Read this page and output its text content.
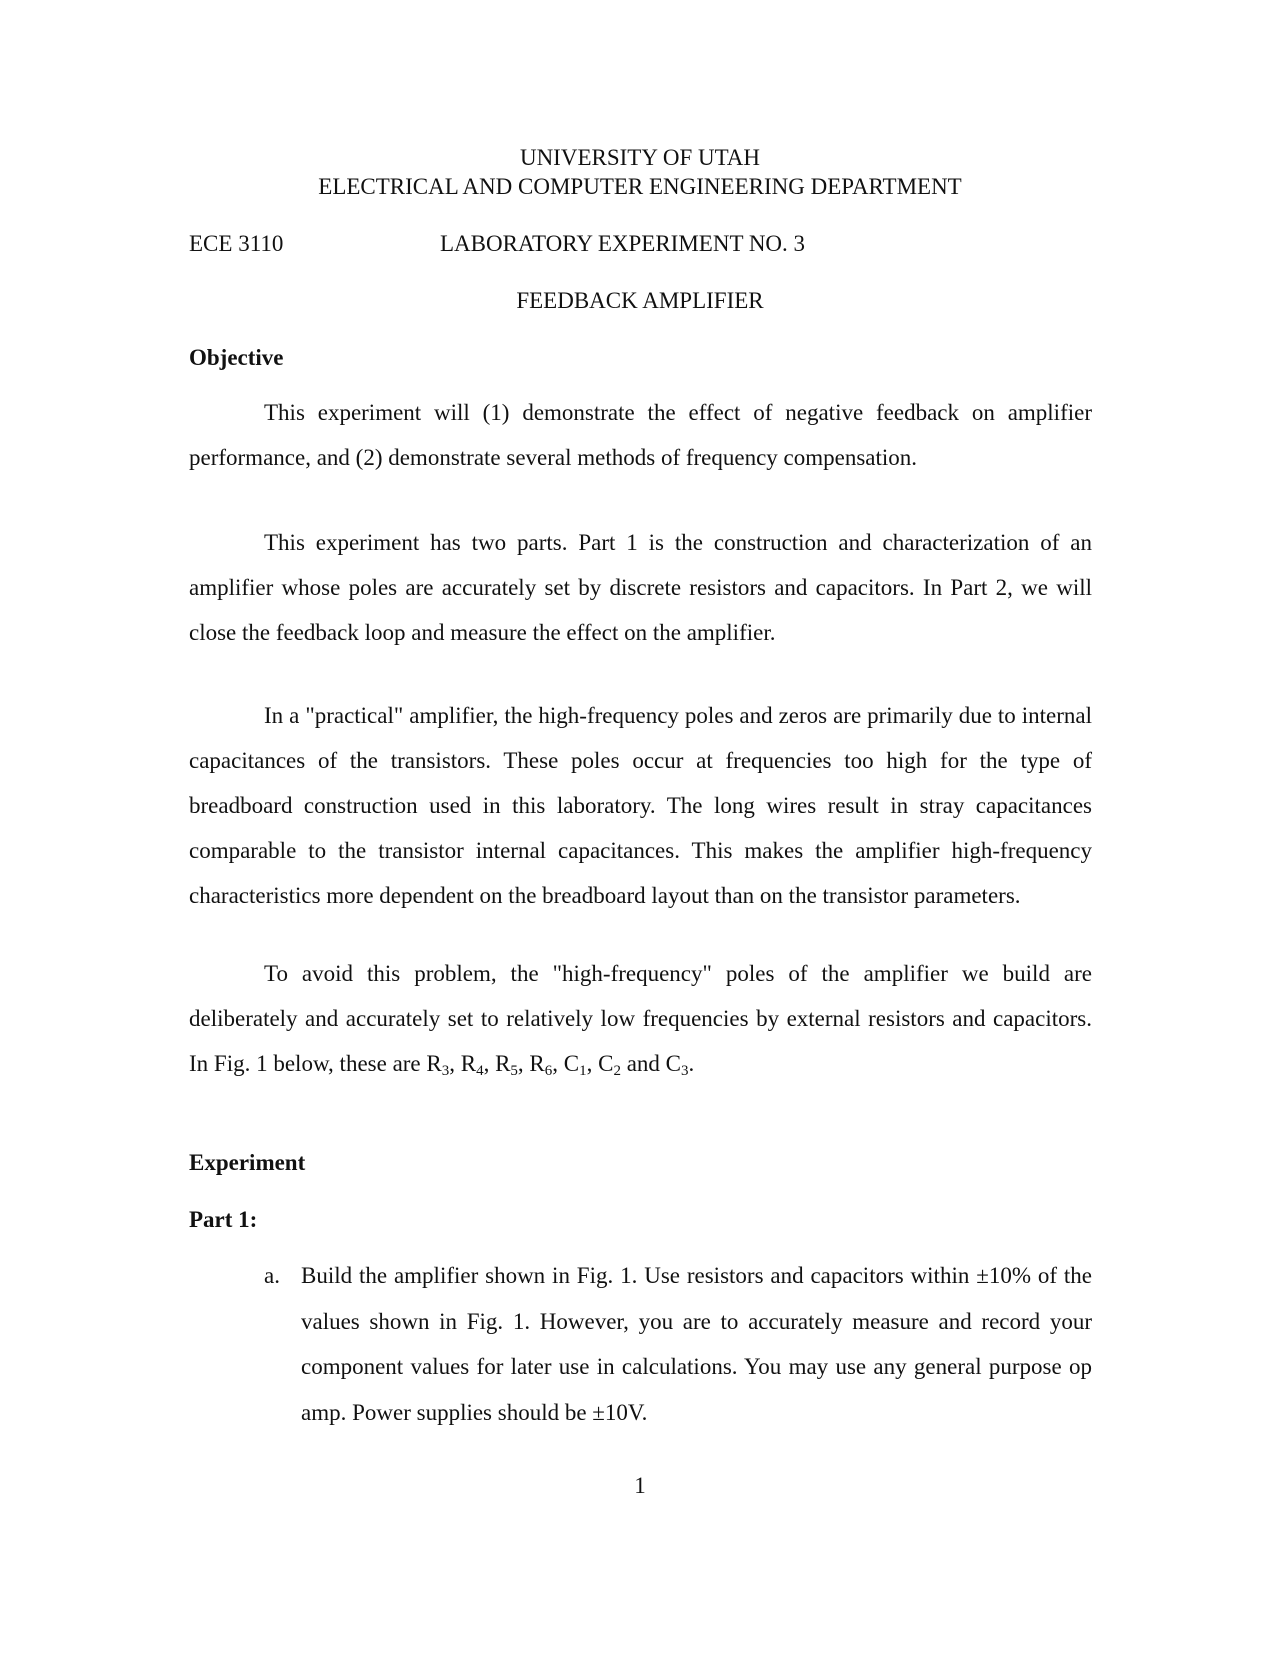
UNIVERSITY OF UTAH
ELECTRICAL AND COMPUTER ENGINEERING DEPARTMENT
ECE 3110	LABORATORY EXPERIMENT NO. 3
FEEDBACK AMPLIFIER
Objective
This experiment will (1) demonstrate the effect of negative feedback on amplifier performance, and (2) demonstrate several methods of frequency compensation.
This experiment has two parts. Part 1 is the construction and characterization of an amplifier whose poles are accurately set by discrete resistors and capacitors. In Part 2, we will close the feedback loop and measure the effect on the amplifier.
In a "practical" amplifier, the high-frequency poles and zeros are primarily due to internal capacitances of the transistors. These poles occur at frequencies too high for the type of breadboard construction used in this laboratory. The long wires result in stray capacitances comparable to the transistor internal capacitances. This makes the amplifier high-frequency characteristics more dependent on the breadboard layout than on the transistor parameters.
To avoid this problem, the "high-frequency" poles of the amplifier we build are deliberately and accurately set to relatively low frequencies by external resistors and capacitors. In Fig. 1 below, these are $R_3$, $R_4$, $R_5$, $R_6$, $C_1$, $C_2$ and $C_3$.
Experiment
Part 1:
a. Build the amplifier shown in Fig. 1. Use resistors and capacitors within ±10% of the values shown in Fig. 1. However, you are to accurately measure and record your component values for later use in calculations. You may use any general purpose op amp. Power supplies should be ±10V.
1
